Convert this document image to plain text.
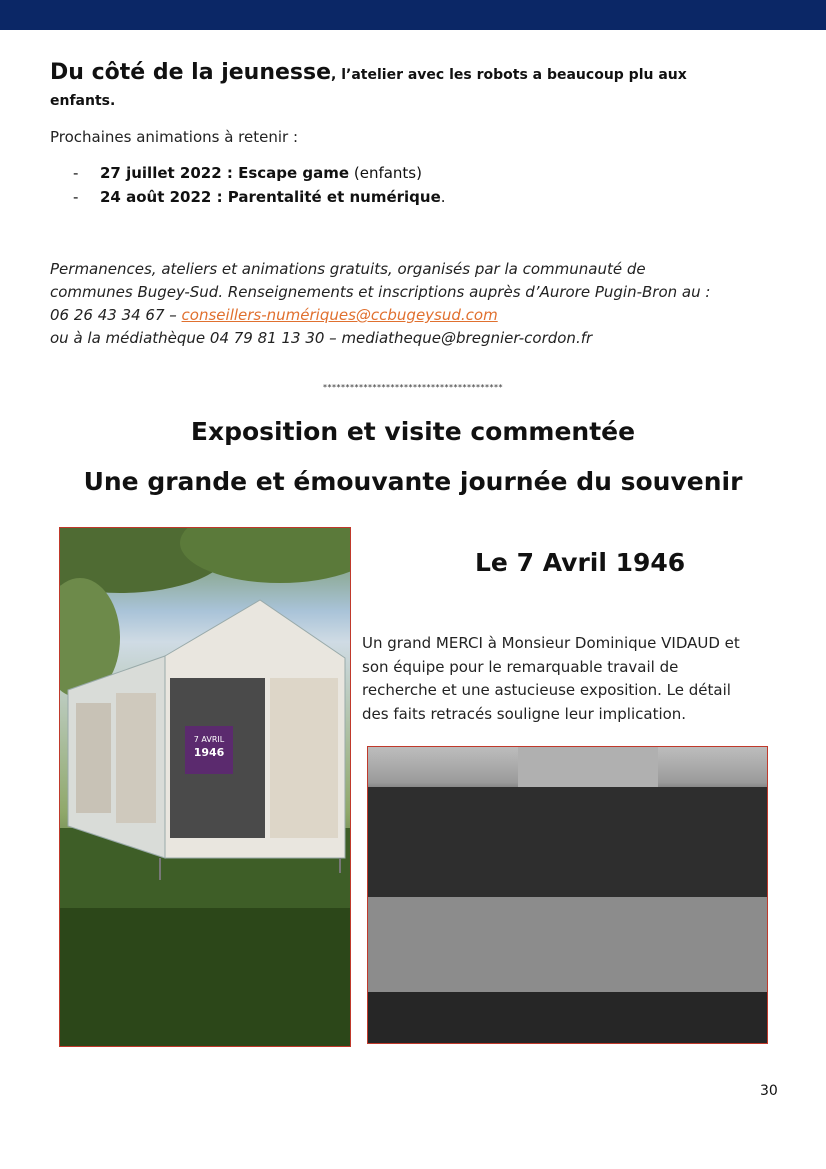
Du côté de la jeunesse, l’atelier avec les robots a beaucoup plu aux
enfants.
Prochaines animations à retenir :
- 27 juillet 2022 : Escape game (enfants)
- 24 août 2022 : Parentalité et numérique.
Permanences, ateliers et animations gratuits, organisés par la communauté de
communes Bugey-Sud. Renseignements et inscriptions auprès d’Aurore Pugin-Bron au :
06 26 43 34 67 – conseillers-numériques@ccbugeysud.com
ou à la médiathèque 04 79 81 13 30 – mediatheque@bregnier-cordon.fr
****************************************
Exposition et visite commentée
Une grande et émouvante journée du souvenir
7 AVRIL
1946
Le 7 Avril 1946
Un grand MERCI à Monsieur Dominique VIDAUD et
son équipe pour le remarquable travail de
recherche et une astucieuse exposition. Le détail
des faits retracés souligne leur implication.
30
